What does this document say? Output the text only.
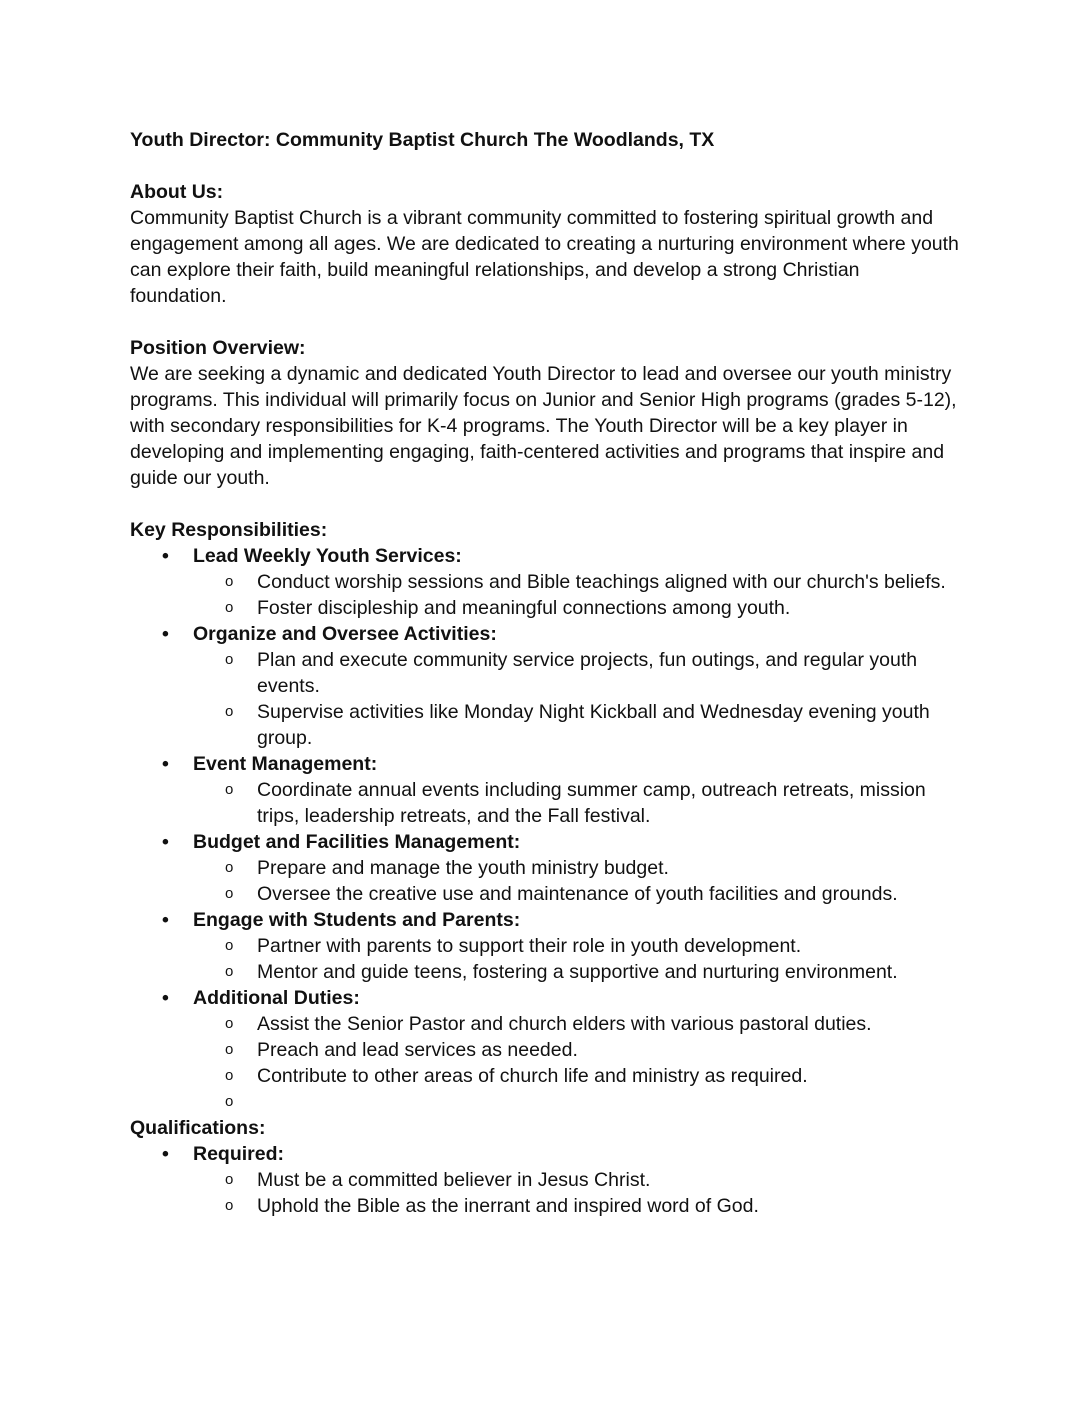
Youth Director: Community Baptist Church The Woodlands, TX

About Us:

Community Baptist Church is a vibrant community committed to fostering spiritual growth and engagement among all ages. We are dedicated to creating a nurturing environment where youth can explore their faith, build meaningful relationships, and develop a strong Christian foundation.

Position Overview:

We are seeking a dynamic and dedicated Youth Director to lead and oversee our youth ministry programs. This individual will primarily focus on Junior and Senior High programs (grades 5-12), with secondary responsibilities for K-4 programs. The Youth Director will be a key player in developing and implementing engaging, faith-centered activities and programs that inspire and guide our youth.

Key Responsibilities:

• Lead Weekly Youth Services:
o Conduct worship sessions and Bible teachings aligned with our church's beliefs.
o Foster discipleship and meaningful connections among youth.
• Organize and Oversee Activities:
o Plan and execute community service projects, fun outings, and regular youth events.
o Supervise activities like Monday Night Kickball and Wednesday evening youth group.
• Event Management:
o Coordinate annual events including summer camp, outreach retreats, mission trips, leadership retreats, and the Fall festival.
• Budget and Facilities Management:
o Prepare and manage the youth ministry budget.
o Oversee the creative use and maintenance of youth facilities and grounds.
• Engage with Students and Parents:
o Partner with parents to support their role in youth development.
o Mentor and guide teens, fostering a supportive and nurturing environment.
• Additional Duties:
o Assist the Senior Pastor and church elders with various pastoral duties.
o Preach and lead services as needed.
o Contribute to other areas of church life and ministry as required.
o

Qualifications:

• Required:
o Must be a committed believer in Jesus Christ.
o Uphold the Bible as the inerrant and inspired word of God.
